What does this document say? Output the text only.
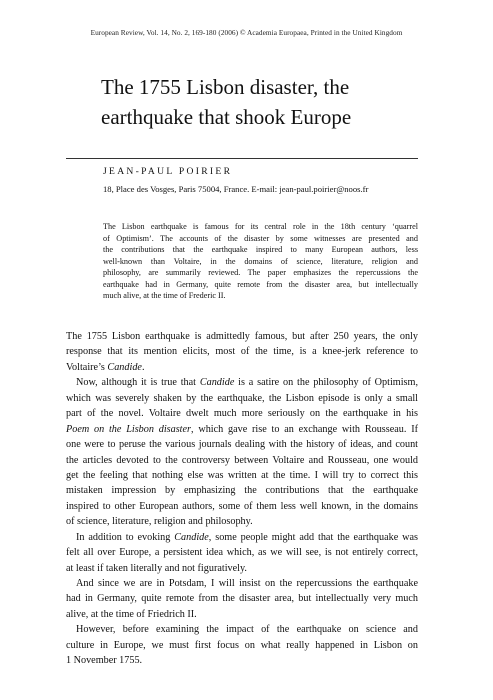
European Review, Vol. 14, No. 2, 169-180 (2006) © Academia Europaea, Printed in the United Kingdom
The 1755 Lisbon disaster, the
earthquake that shook Europe
JEAN-PAUL POIRIER
18, Place des Vosges, Paris 75004, France. E-mail: jean-paul.poirier@noos.fr
The Lisbon earthquake is famous for its central role in the 18th century ‘quarrel
of Optimism’. The accounts of the disaster by some witnesses are presented and
the contributions that the earthquake inspired to many European authors, less
well-known than Voltaire, in the domains of science, literature, religion and
philosophy, are summarily reviewed. The paper emphasizes the repercussions the
earthquake had in Germany, quite remote from the disaster area, but intellectually
much alive, at the time of Frederic II.
The 1755 Lisbon earthquake is admittedly famous, but after 250 years, the only
response that its mention elicits, most of the time, is a knee-jerk reference to
Voltaire’s Candide.
Now, although it is true that Candide is a satire on the philosophy of Optimism,
which was severely shaken by the earthquake, the Lisbon episode is only a small
part of the novel. Voltaire dwelt much more seriously on the earthquake in his
Poem on the Lisbon disaster, which gave rise to an exchange with Rousseau. If
one were to peruse the various journals dealing with the history of ideas, and count
the articles devoted to the controversy between Voltaire and Rousseau, one would
get the feeling that nothing else was written at the time. I will try to correct this
mistaken impression by emphasizing the contributions that the earthquake
inspired to other European authors, some of them less well known, in the domains
of science, literature, religion and philosophy.
In addition to evoking Candide, some people might add that the earthquake was
felt all over Europe, a persistent idea which, as we will see, is not entirely correct,
at least if taken literally and not figuratively.
And since we are in Potsdam, I will insist on the repercussions the earthquake
had in Germany, quite remote from the disaster area, but intellectually very much
alive, at the time of Friedrich II.
However, before examining the impact of the earthquake on science and
culture in Europe, we must first focus on what really happened in Lisbon on
1 November 1755.
